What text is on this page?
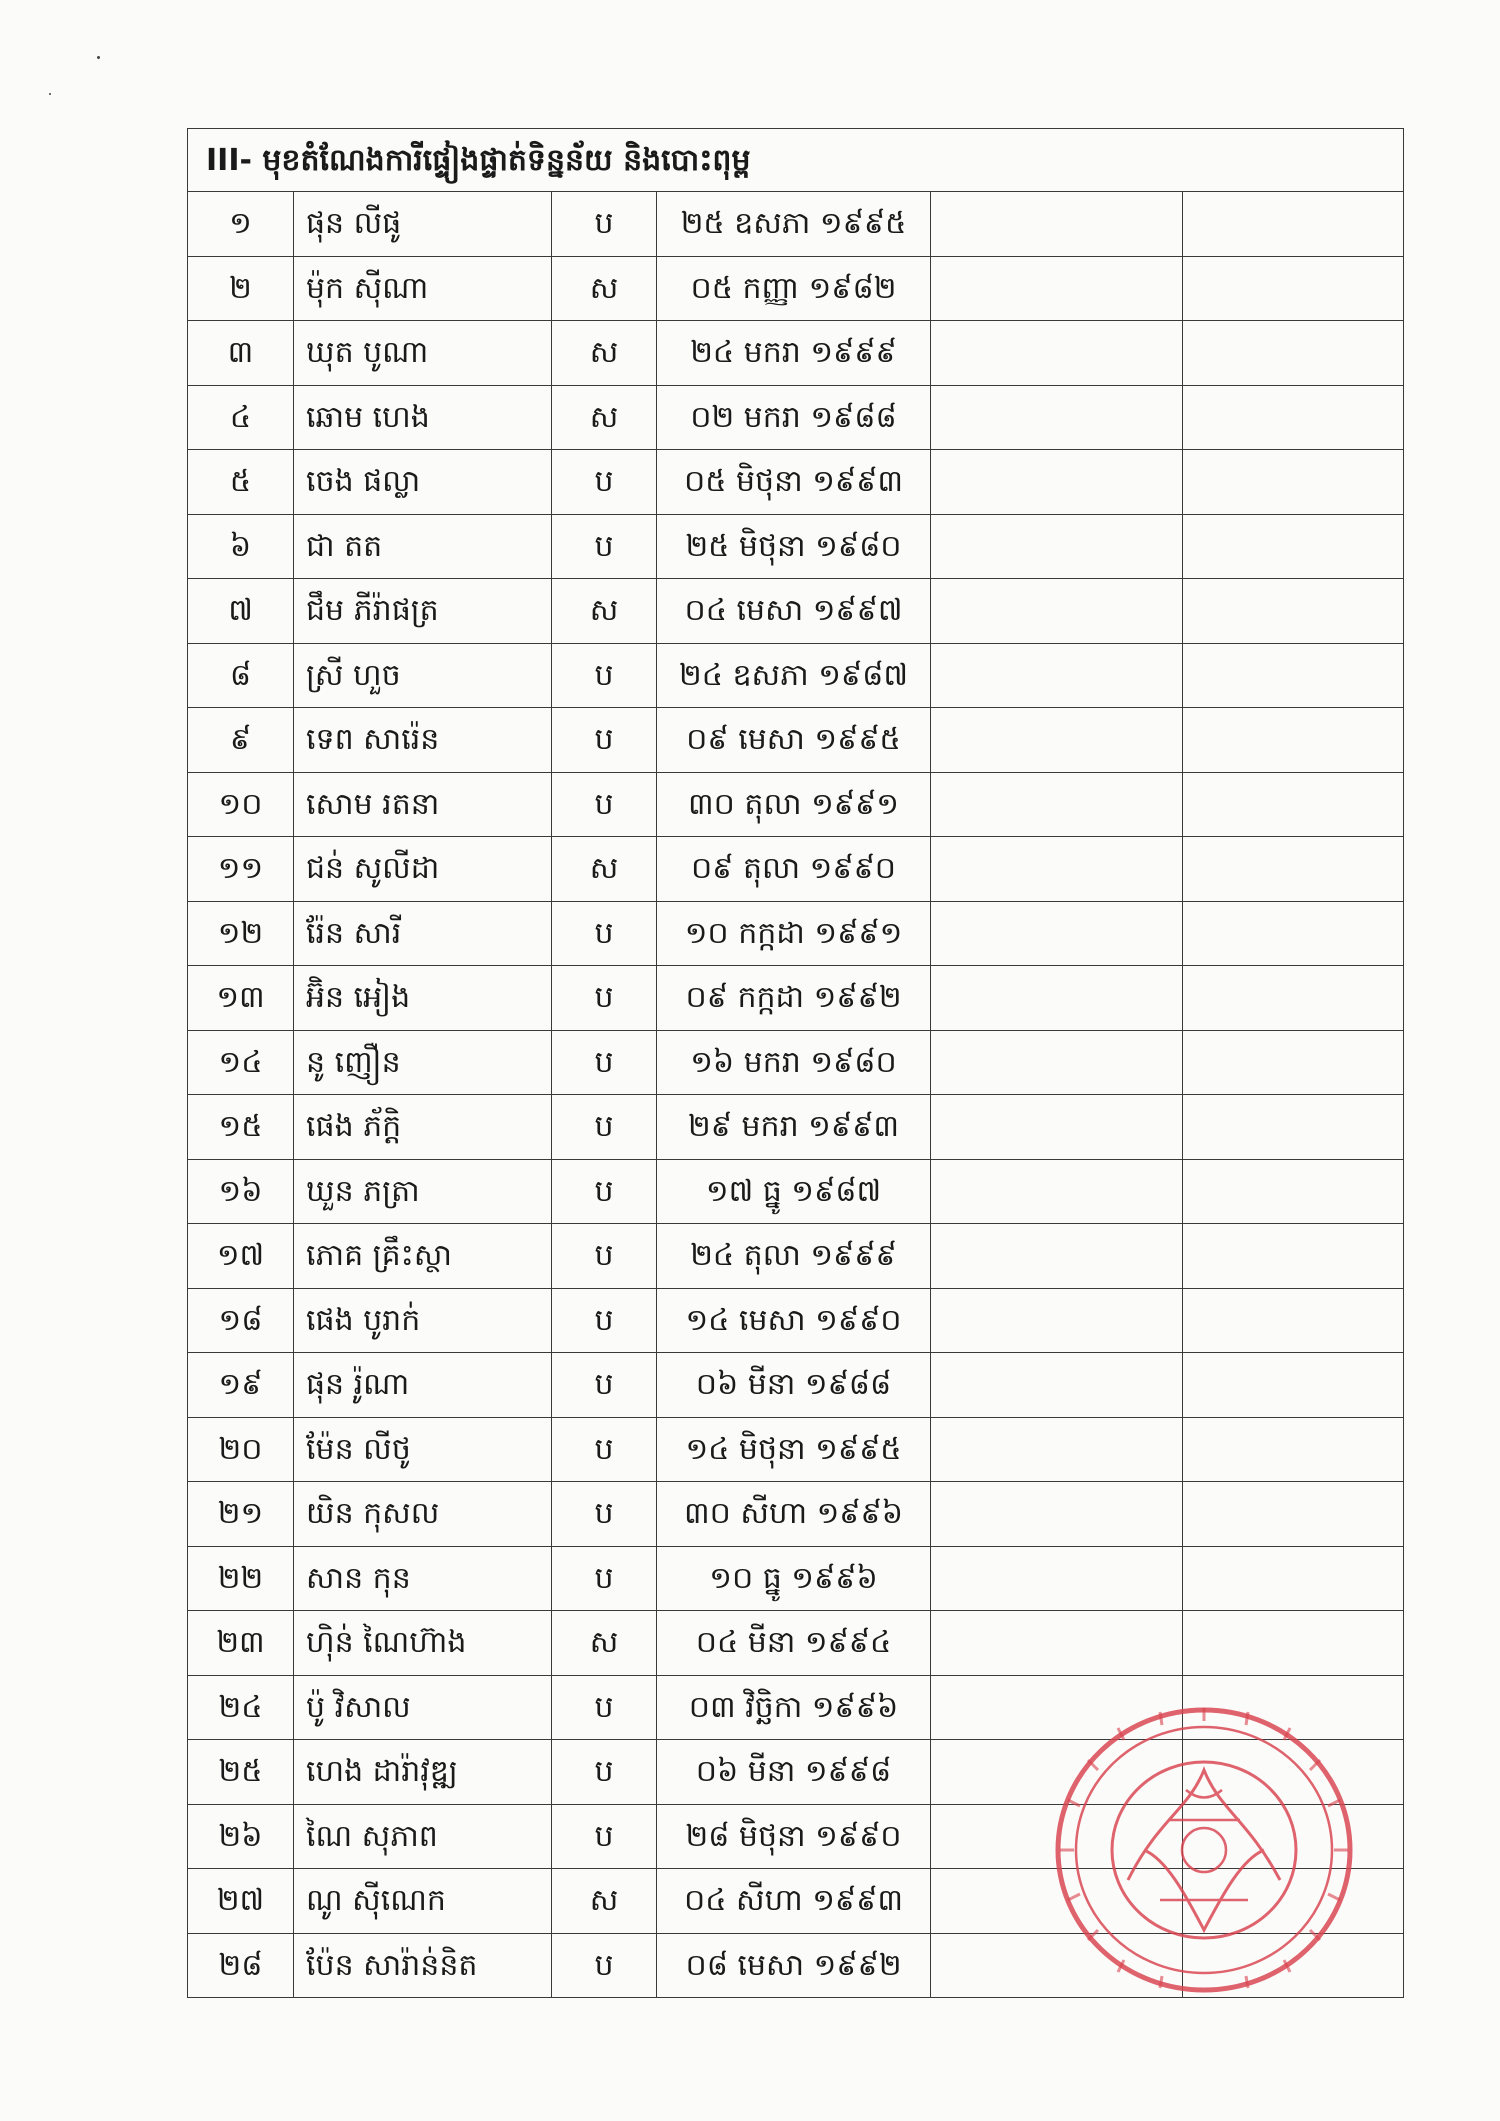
III- មុខតំណែងការីផ្ទៀងផ្ទាត់ទិន្នន័យ និងបោះពុម្ព					
១	ផុន លីផូ	ប	២៥ ឧសភា ១៩៩៥		
២	ម៉ុក ស៊ីណា	ស	០៥ កញ្ញា ១៩៨២		
៣	ឃុត បូណា	ស	២៤ មករា ១៩៩៩		
៤	ឆោម ហេង	ស	០២ មករា ១៩៨៨		
៥	ចេង ផល្លា	ប	០៥ មិថុនា ១៩៩៣		
៦	ជា តត	ប	២៥ មិថុនា ១៩៨០		
៧	ជឹម ភីរ៉ាផត្រ	ស	០៤ មេសា ១៩៩៧		
៨	ស្រី ហួច	ប	២៤ ឧសភា ១៩៨៧		
៩	ទេព សារ៉េន	ប	០៩ មេសា ១៩៩៥		
១០	សោម រតនា	ប	៣០ តុលា ១៩៩១		
១១	ជន់ សូលីដា	ស	០៩ តុលា ១៩៩០		
១២	រ៉ែន សារី	ប	១០ កក្កដា ១៩៩១		
១៣	អ៊ិន អៀង	ប	០៩ កក្កដា ១៩៩២		
១៤	នូ ញឿន	ប	១៦ មករា ១៩៨០		
១៥	ផេង ភ័ក្តិ	ប	២៩ មករា ១៩៩៣		
១៦	ឃួន ភត្រា	ប	១៧ ធ្នូ ១៩៨៧		
១៧	ភោគ គ្រឹះស្ថា	ប	២៤ តុលា ១៩៩៩		
១៨	ផេង បូរាក់	ប	១៤ មេសា ១៩៩០		
១៩	ផុន រ៉ូណា	ប	០៦ មីនា ១៩៨៨		
២០	ម៉ែន លីថូ	ប	១៤ មិថុនា ១៩៩៥		
២១	យិន កុសល	ប	៣០ សីហា ១៩៩៦		
២២	សាន កុន	ប	១០ ធ្នូ ១៩៩៦		
២៣	ហ៊ិន់ ណៃហ៊ាង	ស	០៤ មីនា ១៩៩៤		
២៤	ប៉ូ វិសាល	ប	០៣ វិច្ឆិកា ១៩៩៦		
២៥	ហេង ដារ៉ាវុឌ្ឍ	ប	០៦ មីនា ១៩៩៨		
២៦	ណៃ សុភាព	ប	២៨ មិថុនា ១៩៩០		
២៧	ណូ ស៊ីណេក	ស	០៤ សីហា ១៩៩៣		
២៨	ប៉ែន សារ៉ាន់និត	ប	០៨ មេសា ១៩៩២		
